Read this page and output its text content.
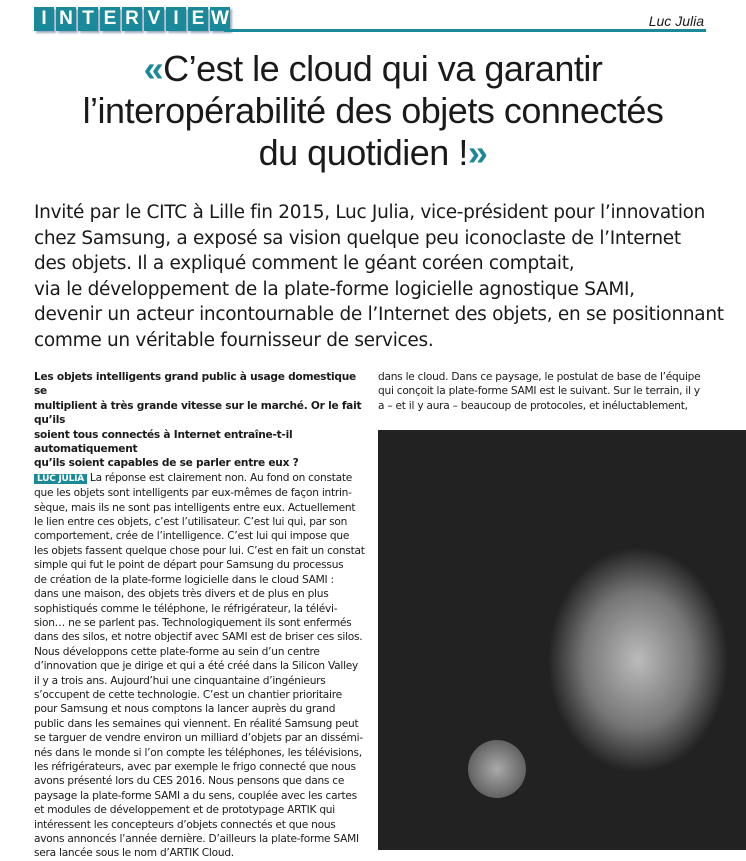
I N T E R V I E W	Luc Julia
«C’est le cloud qui va garantir
l’interopérabilité des objets connectés
du quotidien !»
Invité par le CITC à Lille fin 2015, Luc Julia, vice-président pour l’innovation
chez Samsung, a exposé sa vision quelque peu iconoclaste de l’Internet
des objets. Il a expliqué comment le géant coréen comptait,
via le développement de la plate-forme logicielle agnostique SAMI,
devenir un acteur incontournable de l’Internet des objets, en se positionnant
comme un véritable fournisseur de services.
Les objets intelligents grand public à usage domestique se
multiplient à très grande vitesse sur le marché. Or le fait qu’ils
soient tous connectés à Internet entraîne-t-il automatiquement
qu’ils soient capables de se parler entre eux ?
LUC JULIA La réponse est clairement non. Au fond on constate
que les objets sont intelligents par eux-mêmes de façon intrin-
sèque, mais ils ne sont pas intelligents entre eux. Actuellement
le lien entre ces objets, c’est l’utilisateur. C’est lui qui, par son
comportement, crée de l’intelligence. C’est lui qui impose que
les objets fassent quelque chose pour lui. C’est en fait un constat
simple qui fut le point de départ pour Samsung du processus
de création de la plate-forme logicielle dans le cloud SAMI :
dans une maison, des objets très divers et de plus en plus
sophistiqués comme le téléphone, le réfrigérateur, la télévi-
sion… ne se parlent pas. Technologiquement ils sont enfermés
dans des silos, et notre objectif avec SAMI est de briser ces silos.
Nous développons cette plate-forme au sein d’un centre
d’innovation que je dirige et qui a été créé dans la Silicon Valley
il y a trois ans. Aujourd’hui une cinquantaine d’ingénieurs
s’occupent de cette technologie. C’est un chantier prioritaire
pour Samsung et nous comptons la lancer auprès du grand
public dans les semaines qui viennent. En réalité Samsung peut
se targuer de vendre environ un milliard d’objets par an dissémi-
nés dans le monde si l’on compte les téléphones, les télévisions,
les réfrigérateurs, avec par exemple le frigo connecté que nous
avons présenté lors du CES 2016. Nous pensons que dans ce
paysage la plate-forme SAMI a du sens, couplée avec les cartes
et modules de développement et de prototypage ARTIK qui
intéressent les concepteurs d’objets connectés et que nous
avons annoncés l’année dernière. D’ailleurs la plate-forme SAMI
sera lancée sous le nom d’ARTIK Cloud.
dans le cloud. Dans ce paysage, le postulat de base de l’équipe
qui conçoit la plate-forme SAMI est le suivant. Sur le terrain, il y
a – et il y aura – beaucoup de protocoles, et inéluctablement,
